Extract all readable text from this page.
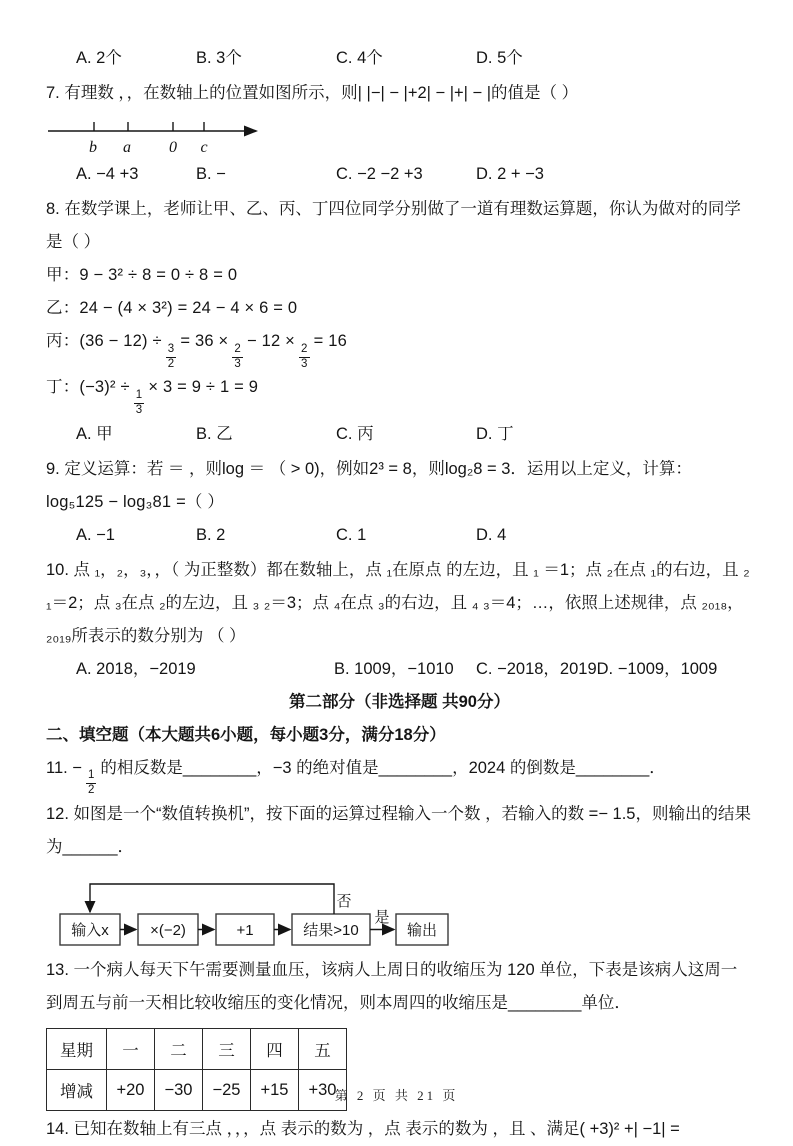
A. 2个	B. 3个	C. 4个	D. 5个

7. 有理数 ，，在数轴上的位置如图所示，则| |−| − |+2| − |+| − |的值是（ ）

b a 0 c
A. −4 +3	B. −	C. −2 −2 +3	D. 2 + −3

8. 在数学课上，老师让甲、乙、丙、丁四位同学分别做了一道有理数运算题，你认为做对的同学是（ ）

甲：9 − 3² ÷ 8 = 0 ÷ 8 = 0

乙：24 − (4 × 3²) = 24 − 4 × 6 = 0

丙：(36 − 12) ÷
$\frac{3}{2}$
= 36 ×
$\frac{2}{3}$
− 12 ×
$\frac{2}{3}$
= 16

丁：(−3)² ÷
$\frac{1}{3}$
× 3 = 9 ÷ 1 = 9

A. 甲	B. 乙	C. 丙	D. 丁

9. 定义运算：若 ＝ ，则log ＝ （ > 0)，例如2³ = 8，则log₂8 = 3．运用以上定义，计算：

log₅125 − log₃81 =（ ）

A. −1	B. 2	C. 1	D. 4

10. 点 ₁，₂，₃，，（ 为正整数）都在数轴上，点 ₁在原点 的左边，且 ₁ ＝1；点 ₂在点 ₁的右边，且 ₂ ₁＝2；点 ₃在点 ₂的左边，且 ₃ ₂＝3；点 ₄在点 ₃的右边，且 ₄ ₃＝4；…，依照上述规律，点 ₂₀₁₈，₂₀₁₉所表示的数分别为 （ ）

A. 2018，−2019	B. 1009，−1010	C. −2018，2019 D. −1009，1009
第二部分（非选择题 共90分）
二、填空题（本大题共6小题，每小题3分，满分18分）

11. −
$\frac{1}{2}$
的相反数是________，−3 的绝对值是________，2024 的倒数是________．

12. 如图是一个“数值转换机”，按下面的运算过程输入一个数 ，若输入的数 =− 1.5，则输出的结果为______．

输入x	×(−2)	+1	结果>10	输出
否
是

13. 一个病人每天下午需要测量血压，该病人上周日的收缩压为 120 单位，下表是该病人这周一到周五与前一天相比较收缩压的变化情况，则本周四的收缩压是________单位．

星期	一	二	三	四	五
增减	+20	−30	−25	+15	+30

14. 已知在数轴上有三点 ，，，点 表示的数为 ，点 表示的数为 ，且 、满足( +3)² +| −1| =

第 2 页 共 21 页
